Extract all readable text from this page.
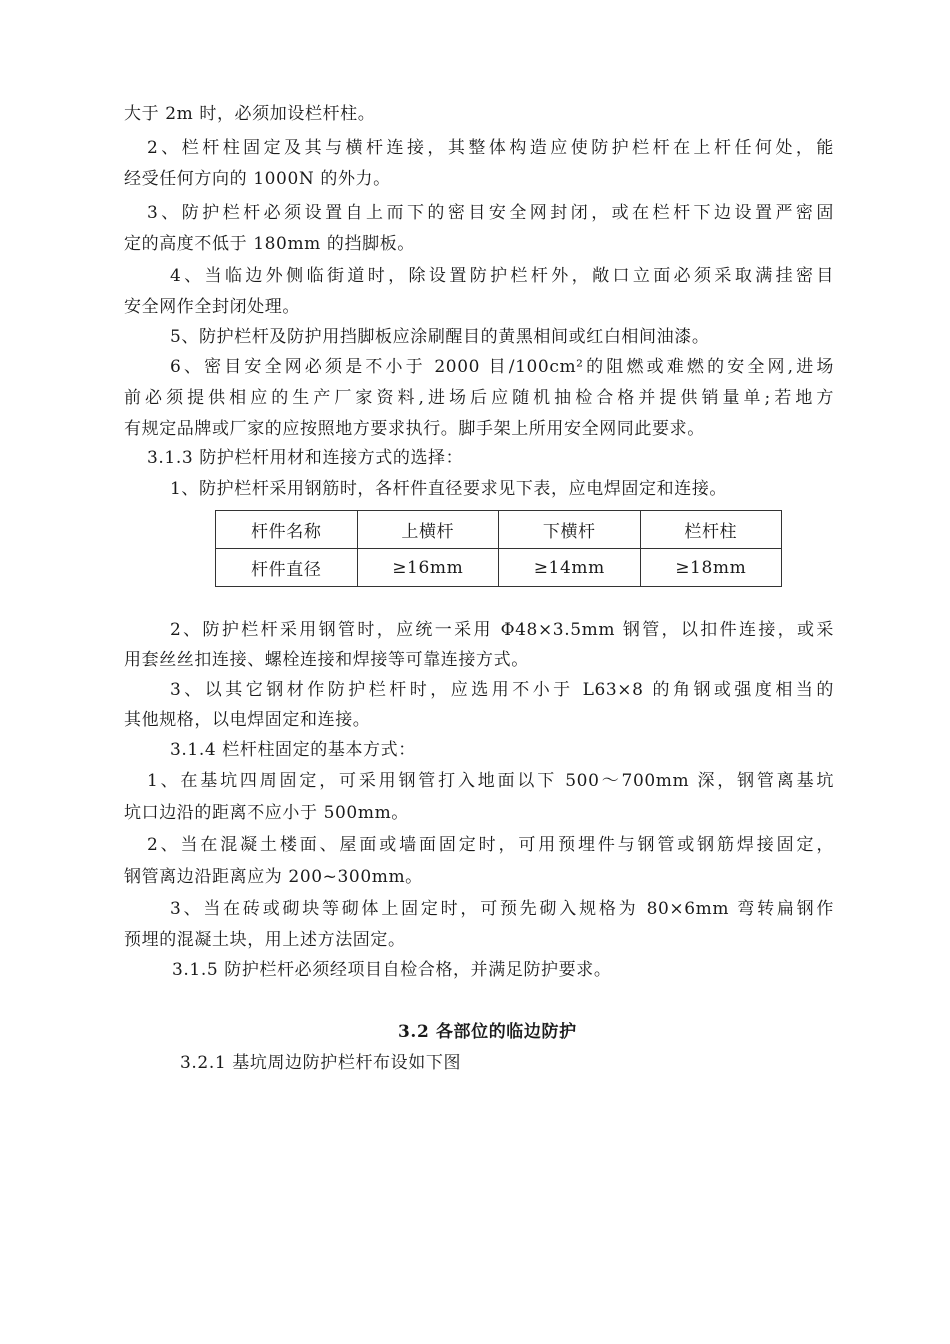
大于 2m 时，必须加设栏杆柱。
2、栏杆柱固定及其与横杆连接，其整体构造应使防护栏杆在上杆任何处，能
经受任何方向的 1000N 的外力。
3、防护栏杆必须设置自上而下的密目安全网封闭，或在栏杆下边设置严密固
定的高度不低于 180mm 的挡脚板。
4、当临边外侧临街道时，除设置防护栏杆外，敞口立面必须采取满挂密目
安全网作全封闭处理。
5、防护栏杆及防护用挡脚板应涂刷醒目的黄黑相间或红白相间油漆。
6、密目安全网必须是不小于 2000 目/100cm²的阻燃或难燃的安全网,进场
前必须提供相应的生产厂家资料,进场后应随机抽检合格并提供销量单;若地方
有规定品牌或厂家的应按照地方要求执行。脚手架上所用安全网同此要求。
3.1.3 防护栏杆用材和连接方式的选择：
1、防护栏杆采用钢筋时，各杆件直径要求见下表，应电焊固定和连接。
杆件名称	上横杆	下横杆	栏杆柱
杆件直径	≥16mm	≥14mm	≥18mm
2、防护栏杆采用钢管时，应统一采用 Φ48×3.5mm 钢管，以扣件连接，或采
用套丝丝扣连接、螺栓连接和焊接等可靠连接方式。
3、以其它钢材作防护栏杆时，应选用不小于 L63×8 的角钢或强度相当的
其他规格，以电焊固定和连接。
3.1.4 栏杆柱固定的基本方式：
1、在基坑四周固定，可采用钢管打入地面以下 500～700mm 深，钢管离基坑
坑口边沿的距离不应小于 500mm。
2、当在混凝土楼面、屋面或墙面固定时，可用预埋件与钢管或钢筋焊接固定，
钢管离边沿距离应为 200~300mm。
3、当在砖或砌块等砌体上固定时，可预先砌入规格为 80×6mm 弯转扁钢作
预埋的混凝土块，用上述方法固定。
3.1.5 防护栏杆必须经项目自检合格，并满足防护要求。
3.2 各部位的临边防护
3.2.1 基坑周边防护栏杆布设如下图
